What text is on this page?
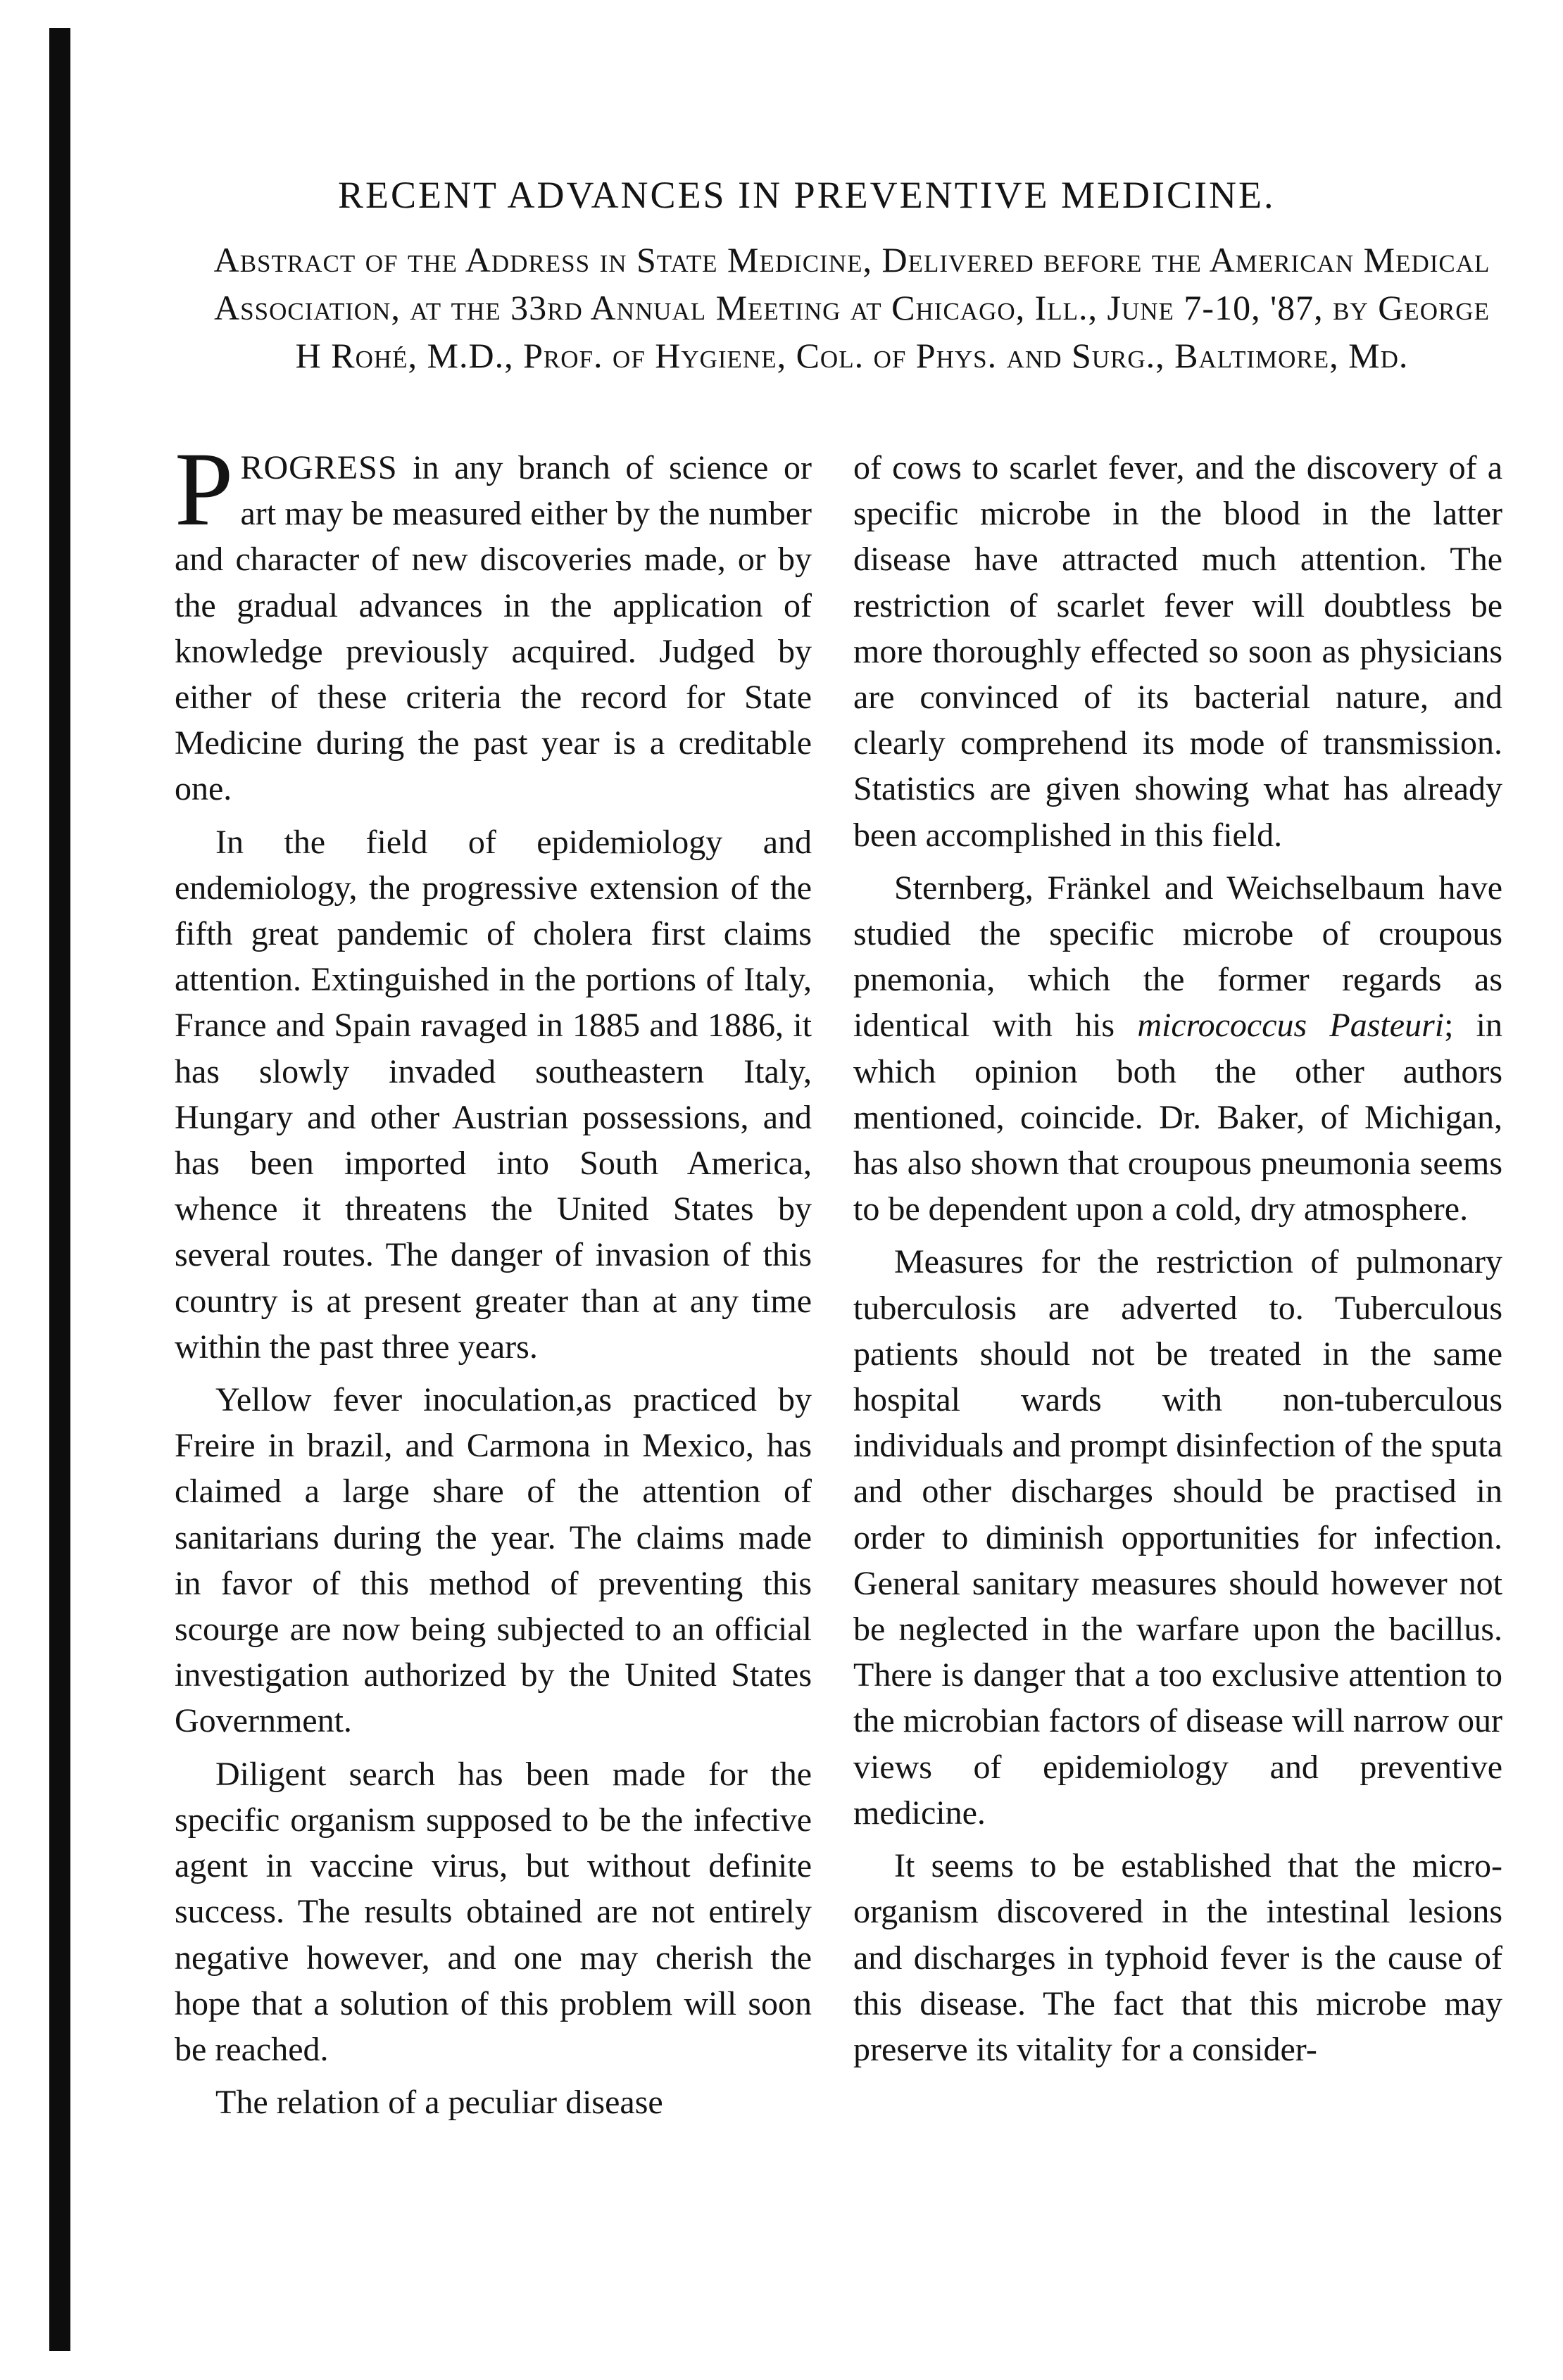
RECENT ADVANCES IN PREVENTIVE MEDICINE.
Abstract of the Address in State Medicine, Delivered before the American Medical Association, at the 33rd Annual Meeting at Chicago, Ill., June 7-10, '87, by George H Rohé, M.D., Prof. of Hygiene, Col. of Phys. and Surg., Baltimore, Md.

PROGRESS in any branch of science or art may be measured either by the number and character of new discoveries made, or by the gradual advances in the application of knowledge previously acquired. Judged by either of these criteria the record for State Medicine during the past year is a creditable one.

In the field of epidemiology and endemiology, the progressive extension of the fifth great pandemic of cholera first claims attention. Extinguished in the portions of Italy, France and Spain ravaged in 1885 and 1886, it has slowly invaded southeastern Italy, Hungary and other Austrian possessions, and has been imported into South America, whence it threatens the United States by several routes. The danger of invasion of this country is at present greater than at any time within the past three years.

Yellow fever inoculation,as practiced by Freire in brazil, and Carmona in Mexico, has claimed a large share of the attention of sanitarians during the year. The claims made in favor of this method of preventing this scourge are now being subjected to an official investigation authorized by the United States Government.

Diligent search has been made for the specific organism supposed to be the infective agent in vaccine virus, but without definite success. The results obtained are not entirely negative however, and one may cherish the hope that a solution of this problem will soon be reached.

The relation of a peculiar disease

of cows to scarlet fever, and the discovery of a specific microbe in the blood in the latter disease have attracted much attention. The restriction of scarlet fever will doubtless be more thoroughly effected so soon as physicians are convinced of its bacterial nature, and clearly comprehend its mode of transmission. Statistics are given showing what has already been accomplished in this field.

Sternberg, Fränkel and Weichselbaum have studied the specific microbe of croupous pnemonia, which the former regards as identical with his micrococcus Pasteuri; in which opinion both the other authors mentioned, coincide. Dr. Baker, of Michigan, has also shown that croupous pneumonia seems to be dependent upon a cold, dry atmosphere.

Measures for the restriction of pulmonary tuberculosis are adverted to. Tuberculous patients should not be treated in the same hospital wards with non-tuberculous individuals and prompt disinfection of the sputa and other discharges should be practised in order to diminish opportunities for infection. General sanitary measures should however not be neglected in the warfare upon the bacillus. There is danger that a too exclusive attention to the microbian factors of disease will narrow our views of epidemiology and preventive medicine.

It seems to be established that the micro-organism discovered in the intestinal lesions and discharges in typhoid fever is the cause of this disease. The fact that this microbe may preserve its vitality for a consider-
